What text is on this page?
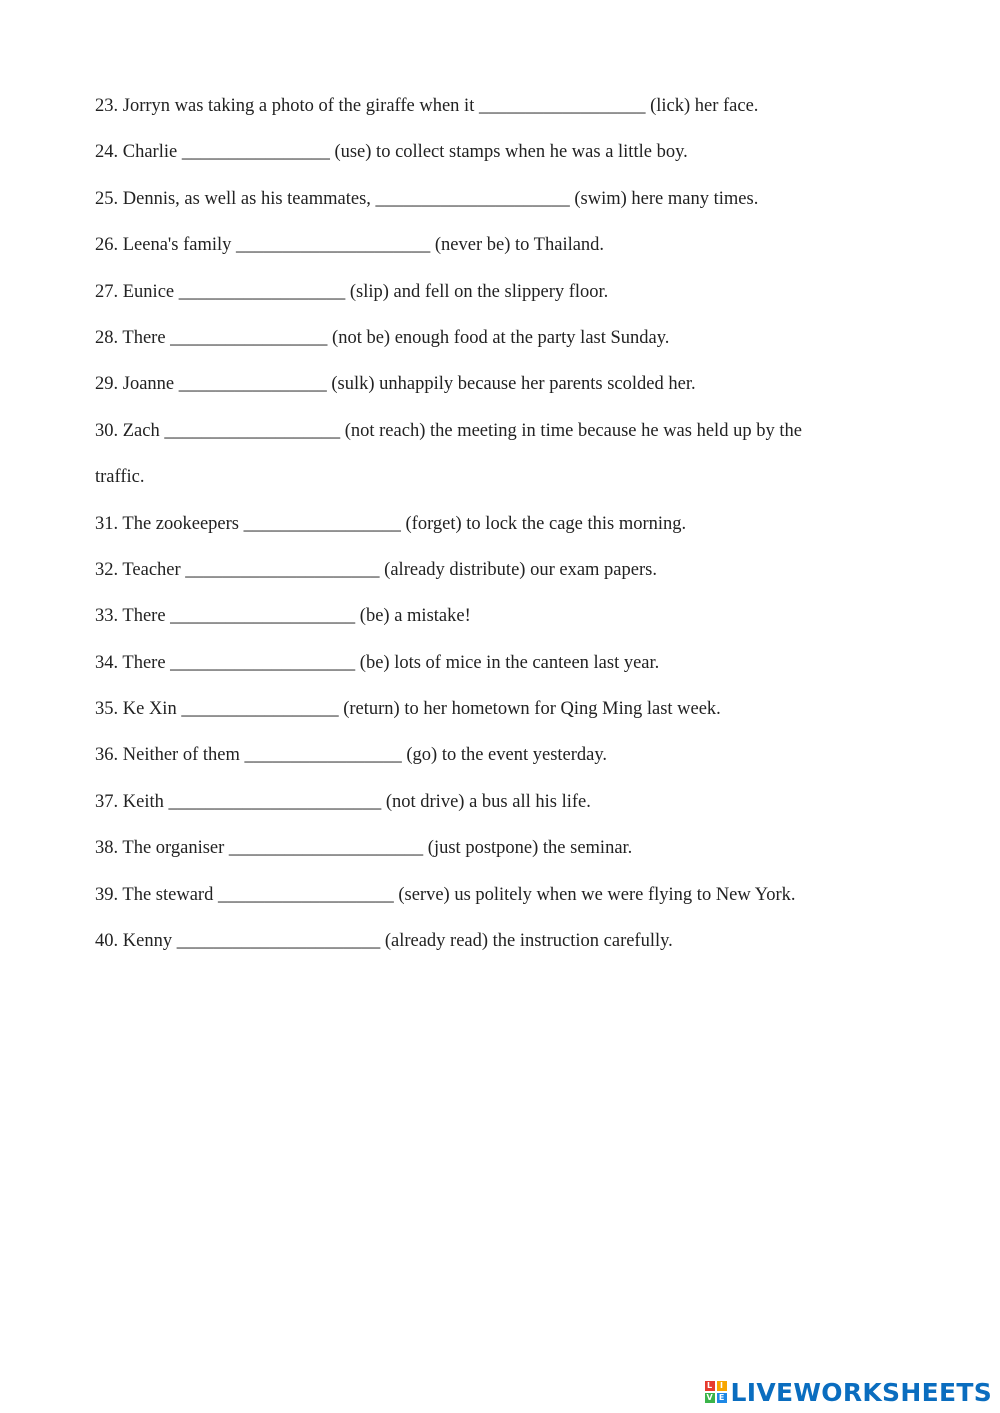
23. Jorryn was taking a photo of the giraffe when it __________________ (lick) her face.
24. Charlie ________________ (use) to collect stamps when he was a little boy.
25. Dennis, as well as his teammates, _____________________ (swim) here many times.
26. Leena's family _____________________ (never be) to Thailand.
27. Eunice __________________ (slip) and fell on the slippery floor.
28. There _________________ (not be) enough food at the party last Sunday.
29. Joanne ________________ (sulk) unhappily because her parents scolded her.
30. Zach ___________________ (not reach) the meeting in time because he was held up by the
traffic.
31. The zookeepers _________________ (forget) to lock the cage this morning.
32. Teacher _____________________ (already distribute) our exam papers.
33. There ____________________ (be) a mistake!
34. There ____________________ (be) lots of mice in the canteen last year.
35. Ke Xin _________________ (return) to her hometown for Qing Ming last week.
36. Neither of them _________________ (go) to the event yesterday.
37. Keith _______________________ (not drive) a bus all his life.
38. The organiser _____________________ (just postpone) the seminar.
39. The steward ___________________ (serve) us politely when we were flying to New York.
40. Kenny ______________________ (already read) the instruction carefully.
L I
V E LIVEWORKSHEETS
